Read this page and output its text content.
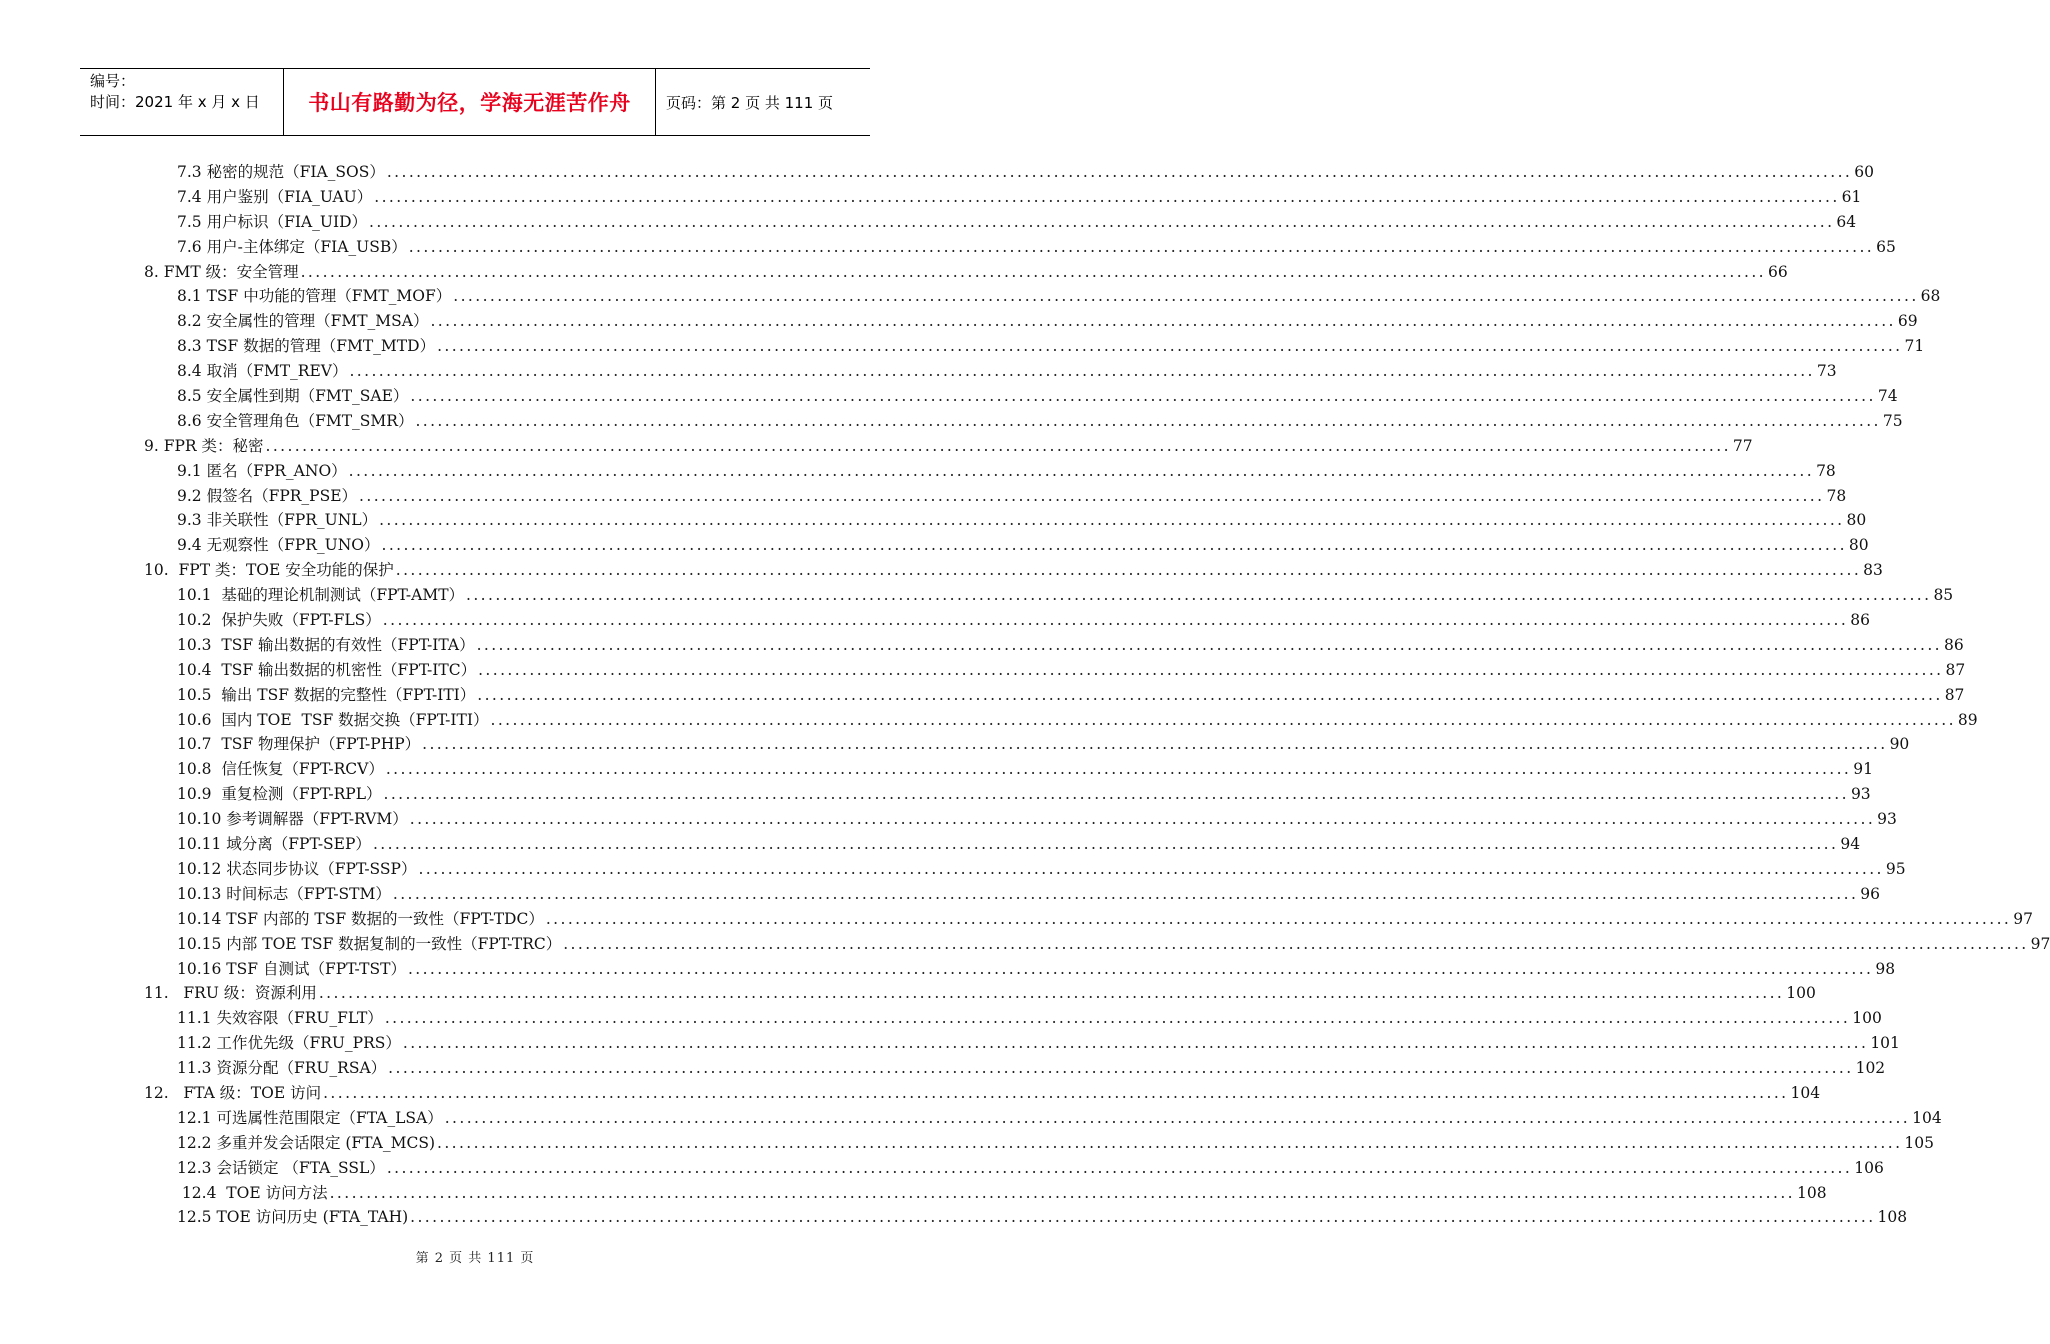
编号：
时间：2021 年 x 月 x 日	书山有路勤为径，学海无涯苦作舟	页码：第 2 页 共 111 页
7.3 秘密的规范（FIA_SOS） ........................................................................................................................................................................................................ 60
7.4 用户鉴别（FIA_UAU） ........................................................................................................................................................................................................ 61
7.5 用户标识（FIA_UID） ........................................................................................................................................................................................................ 64
7.6 用户-主体绑定（FIA_USB） ........................................................................................................................................................................................................ 65
8. FMT 级：安全管理 ........................................................................................................................................................................................................ 66
8.1 TSF 中功能的管理（FMT_MOF） ........................................................................................................................................................................................................ 68
8.2 安全属性的管理（FMT_MSA） ........................................................................................................................................................................................................ 69
8.3 TSF 数据的管理（FMT_MTD） ........................................................................................................................................................................................................ 71
8.4 取消（FMT_REV） ........................................................................................................................................................................................................ 73
8.5 安全属性到期（FMT_SAE） ........................................................................................................................................................................................................ 74
8.6 安全管理角色（FMT_SMR） ........................................................................................................................................................................................................ 75
9. FPR 类：秘密 ........................................................................................................................................................................................................ 77
9.1 匿名（FPR_ANO） ........................................................................................................................................................................................................ 78
9.2 假签名（FPR_PSE） ........................................................................................................................................................................................................ 78
9.3 非关联性（FPR_UNL） ........................................................................................................................................................................................................ 80
9.4 无观察性（FPR_UNO） ........................................................................................................................................................................................................ 80
10.  FPT 类：TOE 安全功能的保护 ........................................................................................................................................................................................................ 83
10.1  基础的理论机制测试（FPT-AMT） ........................................................................................................................................................................................................ 85
10.2  保护失败（FPT-FLS） ........................................................................................................................................................................................................ 86
10.3  TSF 输出数据的有效性（FPT-ITA） ........................................................................................................................................................................................................ 86
10.4  TSF 输出数据的机密性（FPT-ITC） ........................................................................................................................................................................................................ 87
10.5  输出 TSF 数据的完整性（FPT-ITI） ........................................................................................................................................................................................................ 87
10.6  国内 TOE  TSF 数据交换（FPT-ITI） ........................................................................................................................................................................................................ 89
10.7  TSF 物理保护（FPT-PHP） ........................................................................................................................................................................................................ 90
10.8  信任恢复（FPT-RCV） ........................................................................................................................................................................................................ 91
10.9  重复检测（FPT-RPL） ........................................................................................................................................................................................................ 93
10.10 参考调解器（FPT-RVM） ........................................................................................................................................................................................................ 93
10.11 域分离（FPT-SEP） ........................................................................................................................................................................................................ 94
10.12 状态同步协议（FPT-SSP） ........................................................................................................................................................................................................ 95
10.13 时间标志（FPT-STM） ........................................................................................................................................................................................................ 96
10.14 TSF 内部的 TSF 数据的一致性（FPT-TDC） ........................................................................................................................................................................................................ 97
10.15 内部 TOE TSF 数据复制的一致性（FPT-TRC） ........................................................................................................................................................................................................ 97
10.16 TSF 自测试（FPT-TST） ........................................................................................................................................................................................................ 98
11.   FRU 级：资源利用 ........................................................................................................................................................................................................ 100
11.1 失效容限（FRU_FLT） ........................................................................................................................................................................................................ 100
11.2 工作优先级（FRU_PRS） ........................................................................................................................................................................................................ 101
11.3 资源分配（FRU_RSA） ........................................................................................................................................................................................................ 102
12.   FTA 级：TOE 访问 ........................................................................................................................................................................................................ 104
12.1 可选属性范围限定（FTA_LSA） ........................................................................................................................................................................................................ 104
12.2 多重并发会话限定 (FTA_MCS) ........................................................................................................................................................................................................ 105
12.3 会话锁定 （FTA_SSL） ........................................................................................................................................................................................................ 106
12.4  TOE 访问方法 ........................................................................................................................................................................................................ 108
12.5 TOE 访问历史 (FTA_TAH) ........................................................................................................................................................................................................ 108
第 2 页 共 111 页
